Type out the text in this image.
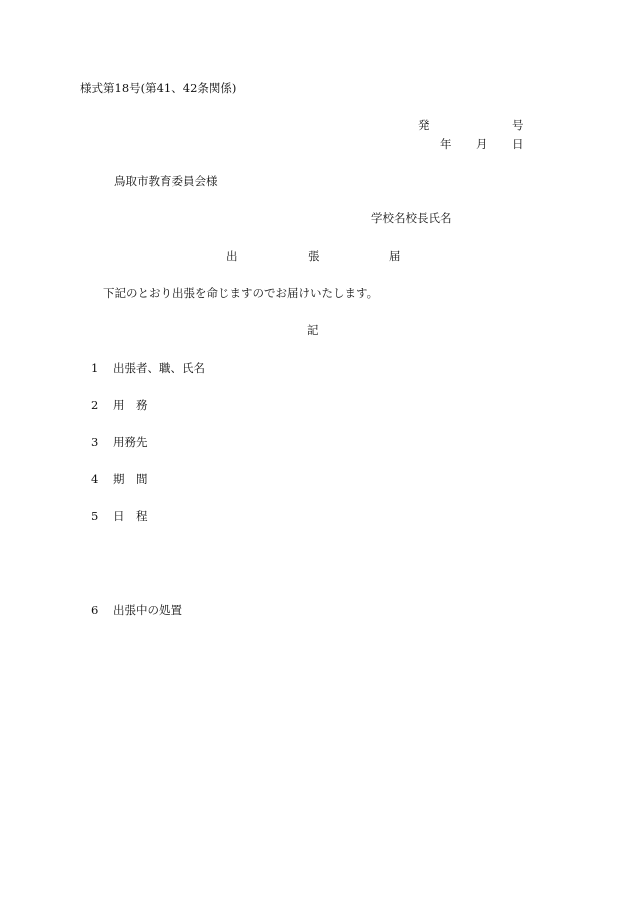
様式第18号(第41、42条関係)
発	号
年 月 日
鳥取市教育委員会様
学校名校長氏名
出	張	届
下記のとおり出張を命じますのでお届けいたします。
記
1 出張者、職、氏名
2 用　務
3 用務先
4 期　間
5 日　程
6 出張中の処置
